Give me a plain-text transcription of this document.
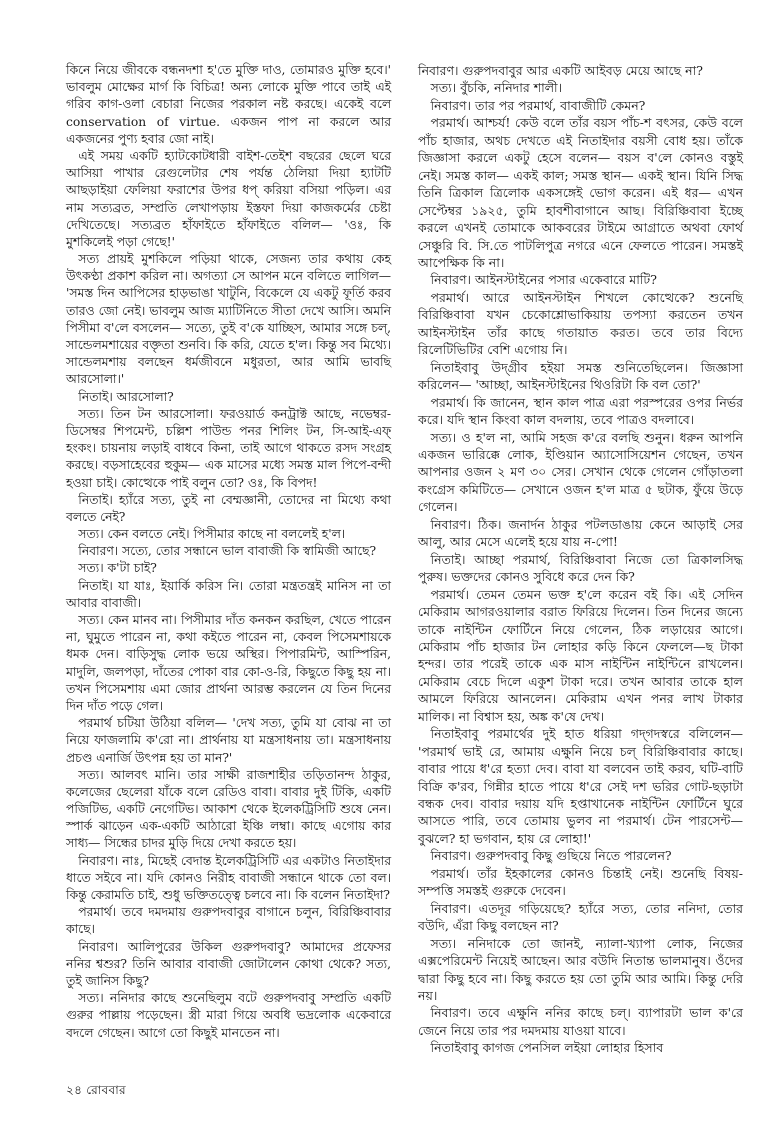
কিনে নিয়ে জীবকে বন্ধনদশা হ'তে মুক্তি দাও, তোমারও মুক্তি হবে।' ভাবলুম মোক্ষের মার্গ কি বিচিত্র! অন্য লোকে মুক্তি পাবে তাই এই গরিব কাগ-ওলা বেচারা নিজের পরকাল নষ্ট করছে। একেই বলে conservation of virtue. একজন পাপ না করলে আর একজনের পুণ্য হবার জো নাই।

এই সময় একটি হ্যাটকোটধারী বাইশ-তেইশ বছরের ছেলে ঘরে আসিয়া পাখার রেগুলেটার শেষ পর্যন্ত ঠেলিয়া দিয়া হ্যাটটি আছড়াইয়া ফেলিয়া ফরাশের উপর ধপ্‌ করিয়া বসিয়া পড়িল। এর নাম সত্যব্রত, সম্প্রতি লেখাপড়ায় ইস্তফা দিয়া কাজকর্মের চেষ্টা দেখিতেছে। সত্যব্রত হাঁফাইতে হাঁফাইতে বলিল— 'ওঃ, কি মুশকিলেই পড়া গেছে!'

সত্য প্রায়ই মুশকিলে পড়িয়া থাকে, সেজন্য তার কথায় কেহ উৎকণ্ঠা প্রকাশ করিল না। অগত্যা সে আপন মনে বলিতে লাগিল— 'সমস্ত দিন আপিসের হাড়ভাঙা খাটুনি, বিকেলে যে একটু ফূর্তি করব তারও জো নেই। ভাবলুম আজ ম্যাটিনিতে সীতা দেখে আসি। অমনি পিসীমা ব'লে বসলেন— সত্যে, তুই ব'কে যাচ্ছিস, আমার সঙ্গে চল্‌, সান্ডেলমশায়ের বক্তৃতা শুনবি। কি করি, যেতে হ'ল। কিন্তু সব মিথ্যে। সান্ডেলমশায় বলছেন ধর্মজীবনে মধুরতা, আর আমি ভাবছি আরসোলা।'

নিতাই। আরসোলা?

সত্য। তিন টন আরসোলা। ফরওয়ার্ড কনট্রাক্ট আছে, নভেম্বর-ডিসেম্বর শিপমেন্ট, চল্লিশ পাউন্ড পনর শিলিং টন, সি-আই-এফ্‌ হংকং। চায়নায় লড়াই বাধবে কিনা, তাই আগে থাকতে রসদ সংগ্রহ করছে। বড়সাহেবের হুকুম— এক মাসের মধ্যে সমস্ত মাল পিপে-বন্দী হওয়া চাই। কোত্থেকে পাই বলুন তো? ওঃ, কি বিপদ!

নিতাই। হ্যাঁরে সত্য, তুই না বেম্মজ্ঞানী, তোদের না মিথ্যে কথা বলতে নেই?

সত্য। কেন বলতে নেই। পিসীমার কাছে না বললেই হ'ল।

নিবারণ। সত্যে, তোর সন্ধানে ভাল বাবাজী কি স্বামিজী আছে?

সত্য। ক'টা চাই?

নিতাই। যা যাঃ, ইয়ার্কি করিস নি। তোরা মন্ত্রতন্ত্রই মানিস না তা আবার বাবাজী।

সত্য। কেন মানব না। পিসীমার দাঁত কনকন করছিল, খেতে পারেন না, ঘুমুতে পারেন না, কথা কইতে পারেন না, কেবল পিসেমশায়কে ধমক দেন। বাড়িসুদ্ধ লোক ভয়ে অস্থির। পিপারমিন্ট, আস্পিরিন, মাদুলি, জলপড়া, দাঁতের পোকা বার কো-ও-রি, কিছুতে কিছু হয় না। তখন পিসেমশায় এমা জোর প্রার্থনা আরম্ভ করলেন যে তিন দিনের দিন দাঁত পড়ে গেল।

পরমার্থ চটিয়া উঠিয়া বলিল— 'দেখ সত্য, তুমি যা বোঝ না তা নিয়ে ফাজলামি ক'রো না। প্রার্থনায় যা মন্ত্রসাধনায় তা। মন্ত্রসাধনায় প্রচণ্ড এনার্জি উৎপন্ন হয় তা মান?'

সত্য। আলবৎ মানি। তার সাক্ষী রাজশাহীর তড়িতানন্দ ঠাকুর, কলেজের ছেলেরা যাঁকে বলে রেডিও বাবা। বাবার দুই টিকি, একটি পজিটিভ, একটি নেগেটিভ। আকাশ থেকে ইলেকট্রিসিটি শুষে নেন। স্পার্ক ঝাড়েন এক-একটি আঠারো ইঞ্চি লম্বা। কাছে এগোয় কার সাধ্য— সিন্ধের চাদর মুড়ি দিয়ে দেখা করতে হয়।

নিবারণ। নাঃ, মিছেই বেদান্ত ইলেকট্রিসিটি এর একটাও নিতাইদার ধাতে সইবে না। যদি কোনও নিরীহ বাবাজী সন্ধানে থাকে তো বল। কিন্তু কেরামতি চাই, শুধু ভক্তিতত্ত্বে চলবে না। কি বলেন নিতাইদা?

পরমার্থ। তবে দমদমায় গুরুপদবাবুর বাগানে চলুন, বিরিঞ্চিবাবার কাছে।

নিবারণ। আলিপুরের উকিল গুরুপদবাবু? আমাদের প্রফেসর ননির শ্বশুর? তিনি আবার বাবাজী জোটালেন কোথা থেকে? সত্য, তুই জানিস কিছু?

সত্য। ননিদার কাছে শুনেছিলুম বটে গুরুপদবাবু সম্প্রতি একটি গুরুর পাল্লায় পড়েছেন। স্ত্রী মারা গিয়ে অবধি ভদ্রলোক একেবারে বদলে গেছেন। আগে তো কিছুই মানতেন না।

নিবারণ। গুরুপদবাবুর আর একটি আইবড় মেয়ে আছে না?

সত্য। বুঁচকি, ননিদার শালী।

নিবারণ। তার পর পরমার্থ, বাবাজীটি কেমন?

পরমার্থ। আশ্চর্য! কেউ বলে তাঁর বয়স পাঁচ-শ বৎসর, কেউ বলে পাঁচ হাজার, অথচ দেখতে এই নিতাইদার বয়সী বোধ হয়। তাঁকে জিজ্ঞাসা করলে একটু হেসে বলেন— বয়স ব'লে কোনও বস্তুই নেই। সমস্ত কাল— একই কাল; সমস্ত স্থান— একই স্থান। যিনি সিদ্ধ তিনি ত্রিকাল ত্রিলোক একসঙ্গেই ভোগ করেন। এই ধর— এখন সেপ্টেম্বর ১৯২৫, তুমি হাবশীবাগানে আছ। বিরিঞ্চিবাবা ইচ্ছে করলে এখনই তোমাকে আকবরের টাইমে আগ্রাতে অথবা ফোর্থ সেঞ্চুরি বি. সি.তে পাটলিপুত্র নগরে এনে ফেলতে পারেন। সমস্তই আপেক্ষিক কি না।

নিবারণ। আইনস্টাইনের পসার একেবারে মাটি?

পরমার্থ। আরে আইনস্টাইন শিখলে কোত্থেকে? শুনেছি বিরিঞ্চিবাবা যখন চেকোশ্লোভাকিয়ায় তপস্যা করতেন তখন আইনস্টাইন তাঁর কাছে গতায়াত করত। তবে তার বিদ্যে রিলেটিভিটির বেশি এগোয় নি।

নিতাইবাবু উদ্‌গ্রীব হইয়া সমস্ত শুনিতেছিলেন। জিজ্ঞাসা করিলেন— 'আচ্ছা, আইনস্টাইনের থিওরিটা কি বল তো?'

পরমার্থ। কি জানেন, স্থান কাল পাত্র এরা পরস্পরের ওপর নির্ভর করে। যদি স্থান কিংবা কাল বদলায়, তবে পাত্রও বদলাবে।

সত্য। ও হ'ল না, আমি সহজ ক'রে বলছি শুনুন। ধরুন আপনি একজন ভারিক্কে লোক, ইণ্ডিয়ান অ্যাসোসিয়েশন গেছেন, তখন আপনার ওজন ২ মণ ৩০ সের। সেখান থেকে গেলেন গোঁড়াতলা কংগ্রেস কমিটিতে— সেখানে ওজন হ'ল মাত্র ৫ ছটাক, ফুঁয়ে উড়ে গেলেন।

নিবারণ। ঠিক। জনার্দন ঠাকুর পটলডাঙায় কেনে আড়াই সের আলু, আর মেসে এলেই হয়ে যায় ন-পো!

নিতাই। আচ্ছা পরমার্থ, বিরিঞ্চিবাবা নিজে তো ত্রিকালসিদ্ধ পুরুষ। ভক্তদের কোনও সুবিধে করে দেন কি?

পরমার্থ। তেমন তেমন ভক্ত হ'লে করেন বই কি। এই সেদিন মেকিরাম আগরওয়ালার বরাত ফিরিয়ে দিলেন। তিন দিনের জন্যে তাকে নাইন্টিন ফোর্টিনে নিয়ে গেলেন, ঠিক লড়ায়ের আগে। মেকিরাম পাঁচ হাজার টন লোহার কড়ি কিনে ফেললে—ছ টাকা হন্দর। তার পরেই তাকে এক মাস নাইন্টিন নাইন্টিনে রাখলেন। মেকিরাম বেচে দিলে একুশ টাকা দরে। তখন আবার তাকে হাল আমলে ফিরিয়ে আনলেন। মেকিরাম এখন পনর লাখ টাকার মালিক। না বিশ্বাস হয়, অঙ্ক ক'ষে দেখ।

নিতাইবাবু পরমার্থের দুই হাত ধরিয়া গদ্‌গদস্বরে বলিলেন— 'পরমার্থ ভাই রে, আমায় এক্ষুনি নিয়ে চল্‌ বিরিঞ্চিবাবার কাছে। বাবার পায়ে ধ'রে হত্যা দেব। বাবা যা বলবেন তাই করব, ঘটি-বাটি বিক্রি ক'রব, গিন্নীর হাতে পায়ে ধ'রে সেই দশ ভরির গোট-ছড়াটা বন্ধক দেব। বাবার দয়ায় যদি হপ্তাখানেক নাইন্টিন ফোর্টিনে ঘুরে আসতে পারি, তবে তোমায় ভুলব না পরমার্থ। টেন পারসেন্ট— বুঝলে? হা ভগবান, হায় রে লোহা!'

নিবারণ। গুরুপদবাবু কিছু গুছিয়ে নিতে পারলেন?

পরমার্থ। তাঁর ইহকালের কোনও চিন্তাই নেই। শুনেছি বিষয়-সম্পত্তি সমস্তই গুরুকে দেবেন।

নিবারণ। এতদূর গড়িয়েছে? হ্যাঁরে সত্য, তোর ননিদা, তোর বউদি, এঁরা কিছু বলছেন না?

সত্য। ননিদাকে তো জানই, ন্যালা-খ্যাপা লোক, নিজের এক্সপেরিমেন্ট নিয়েই আছেন। আর বউদি নিতান্ত ভালমানুষ। ওঁদের দ্বারা কিছু হবে না। কিছু করতে হয় তো তুমি আর আমি। কিন্তু দেরি নয়।

নিবারণ। তবে এক্ষুনি ননির কাছে চল্‌। ব্যাপারটা ভাল ক'রে জেনে নিয়ে তার পর দমদমায় যাওয়া যাবে।

নিতাইবাবু কাগজ পেনসিল লইয়া লোহার হিসাব

২৪ রোববার
